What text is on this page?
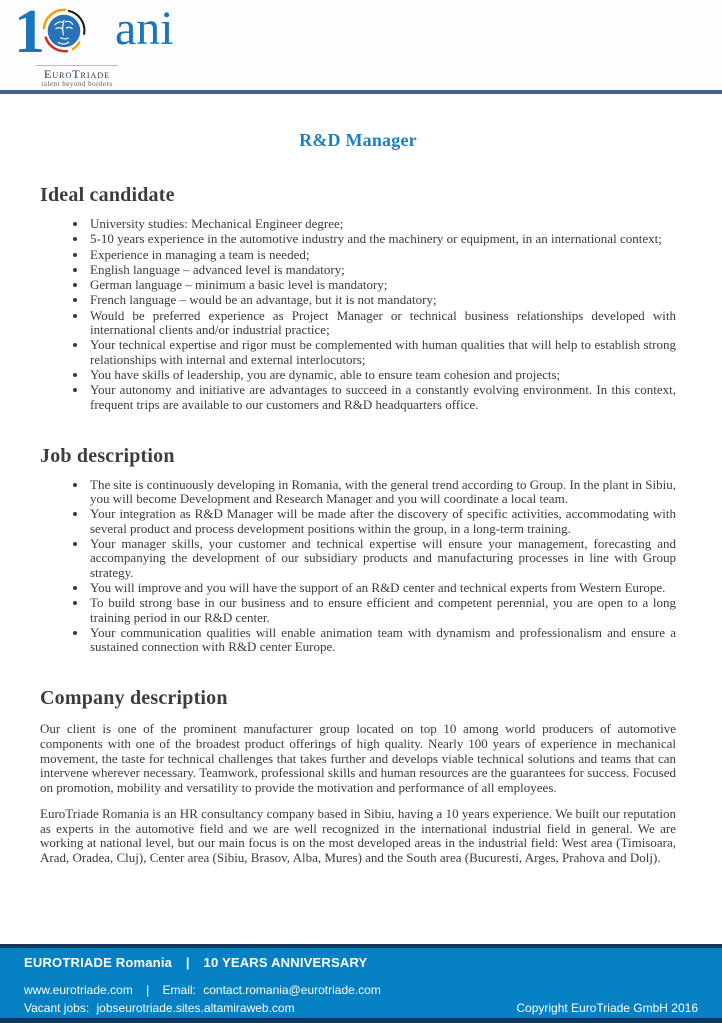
1 ani
EuroTriade
talent beyond borders
R&D Manager
Ideal candidate
• University studies: Mechanical Engineer degree;
• 5-10 years experience in the automotive industry and the machinery or equipment, in an international context;
• Experience in managing a team is needed;
• English language – advanced level is mandatory;
• German language – minimum a basic level is mandatory;
• French language – would be an advantage, but it is not mandatory;
• Would be preferred experience as Project Manager or technical business relationships developed with international clients and/or industrial practice;
• Your technical expertise and rigor must be complemented with human qualities that will help to establish strong relationships with internal and external interlocutors;
• You have skills of leadership, you are dynamic, able to ensure team cohesion and projects;
• Your autonomy and initiative are advantages to succeed in a constantly evolving environment. In this context, frequent trips are available to our customers and R&D headquarters office.
Job description
• The site is continuously developing in Romania, with the general trend according to Group. In the plant in Sibiu, you will become Development and Research Manager and you will coordinate a local team.
• Your integration as R&D Manager will be made after the discovery of specific activities, accommodating with several product and process development positions within the group, in a long-term training.
• Your manager skills, your customer and technical expertise will ensure your management, forecasting and accompanying the development of our subsidiary products and manufacturing processes in line with Group strategy.
• You will improve and you will have the support of an R&D center and technical experts from Western Europe.
• To build strong base in our business and to ensure efficient and competent perennial, you are open to a long training period in our R&D center.
• Your communication qualities will enable animation team with dynamism and professionalism and ensure a sustained connection with R&D center Europe.
Company description

Our client is one of the prominent manufacturer group located on top 10 among world producers of automotive components with one of the broadest product offerings of high quality. Nearly 100 years of experience in mechanical movement, the taste for technical challenges that takes further and develops viable technical solutions and teams that can intervene wherever necessary. Teamwork, professional skills and human resources are the guarantees for success. Focused on promotion, mobility and versatility to provide the motivation and performance of all employees.

EuroTriade Romania is an HR consultancy company based in Sibiu, having a 10 years experience. We built our reputation as experts in the automotive field and we are well recognized in the international industrial field in general. We are working at national level, but our main focus is on the most developed areas in the industrial field: West area (Timisoara, Arad, Oradea, Cluj), Center area (Sibiu, Brasov, Alba, Mures) and the South area (Bucuresti, Arges, Prahova and Dolj).

EUROTRIADE Romania | 10 YEARS ANNIVERSARY
www.eurotriade.com | Email: contact.romania@eurotriade.com
Vacant jobs: jobseurotriade.sites.altamiraweb.com	Copyright EuroTriade GmbH 2016
